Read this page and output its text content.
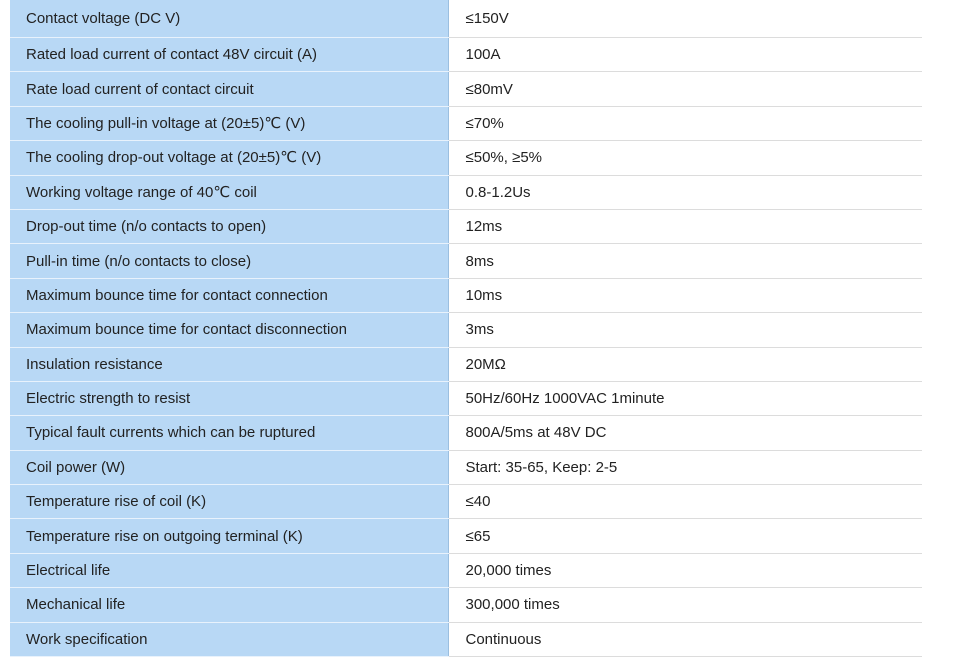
Contact voltage (DC V)	≤150V
Rated load current of contact 48V circuit (A)	100A
Rate load current of contact circuit	≤80mV
The cooling pull-in voltage at (20±5)℃ (V)	≤70%
The cooling drop-out voltage at (20±5)℃ (V)	≤50%, ≥5%
Working voltage range of 40℃ coil	0.8-1.2Us
Drop-out time (n/o contacts to open)	12ms
Pull-in time (n/o contacts to close)	8ms
Maximum bounce time for contact connection	10ms
Maximum bounce time for contact disconnection	3ms
Insulation resistance	20MΩ
Electric strength to resist	50Hz/60Hz 1000VAC 1minute
Typical fault currents which can be ruptured	800A/5ms at 48V DC
Coil power (W)	Start: 35-65, Keep: 2-5
Temperature rise of coil (K)	≤40
Temperature rise on outgoing terminal (K)	≤65
Electrical life	20,000 times
Mechanical life	300,000 times
Work specification	Continuous
